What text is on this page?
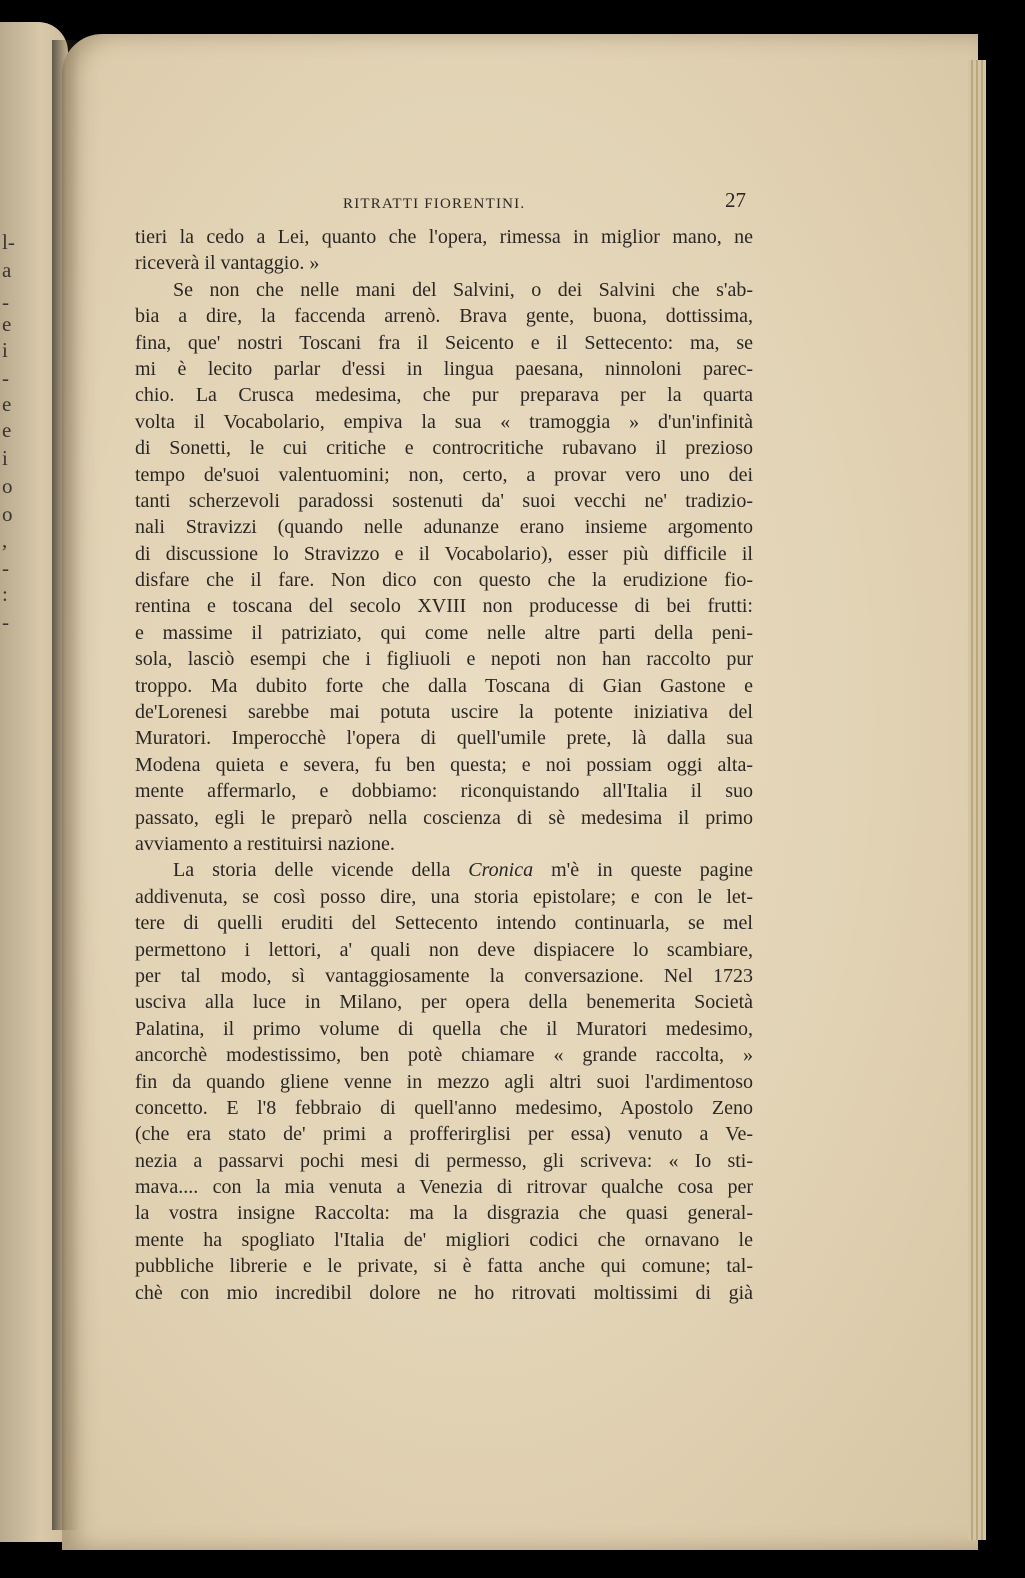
l-
a
-
e
i
-
e
e
i
o
o
,
-
:
-
RITRATTI FIORENTINI.	27
tieri la cedo a Lei, quanto che l'opera, rimessa in miglior mano, ne
riceverà il vantaggio. »
Se non che nelle mani del Salvini, o dei Salvini che s'ab-
bia a dire, la faccenda arrenò. Brava gente, buona, dottissima,
fina, que' nostri Toscani fra il Seicento e il Settecento: ma, se
mi è lecito parlar d'essi in lingua paesana, ninnoloni parec-
chio. La Crusca medesima, che pur preparava per la quarta
volta il Vocabolario, empiva la sua « tramoggia » d'un'infinità
di Sonetti, le cui critiche e controcritiche rubavano il prezioso
tempo de'suoi valentuomini; non, certo, a provar vero uno dei
tanti scherzevoli paradossi sostenuti da' suoi vecchi ne' tradizio-
nali Stravizzi (quando nelle adunanze erano insieme argomento
di discussione lo Stravizzo e il Vocabolario), esser più difficile il
disfare che il fare. Non dico con questo che la erudizione fio-
rentina e toscana del secolo XVIII non producesse di bei frutti:
e massime il patriziato, qui come nelle altre parti della peni-
sola, lasciò esempi che i figliuoli e nepoti non han raccolto pur
troppo. Ma dubito forte che dalla Toscana di Gian Gastone e
de'Lorenesi sarebbe mai potuta uscire la potente iniziativa del
Muratori. Imperocchè l'opera di quell'umile prete, là dalla sua
Modena quieta e severa, fu ben questa; e noi possiam oggi alta-
mente affermarlo, e dobbiamo: riconquistando all'Italia il suo
passato, egli le preparò nella coscienza di sè medesima il primo
avviamento a restituirsi nazione.
La storia delle vicende della Cronica m'è in queste pagine
addivenuta, se così posso dire, una storia epistolare; e con le let-
tere di quelli eruditi del Settecento intendo continuarla, se mel
permettono i lettori, a' quali non deve dispiacere lo scambiare,
per tal modo, sì vantaggiosamente la conversazione. Nel 1723
usciva alla luce in Milano, per opera della benemerita Società
Palatina, il primo volume di quella che il Muratori medesimo,
ancorchè modestissimo, ben potè chiamare « grande raccolta, »
fin da quando gliene venne in mezzo agli altri suoi l'ardimentoso
concetto. E l'8 febbraio di quell'anno medesimo, Apostolo Zeno
(che era stato de' primi a profferirglisi per essa) venuto a Ve-
nezia a passarvi pochi mesi di permesso, gli scriveva: « Io sti-
mava.... con la mia venuta a Venezia di ritrovar qualche cosa per
la vostra insigne Raccolta: ma la disgrazia che quasi general-
mente ha spogliato l'Italia de' migliori codici che ornavano le
pubbliche librerie e le private, si è fatta anche qui comune; tal-
chè con mio incredibil dolore ne ho ritrovati moltissimi di già
